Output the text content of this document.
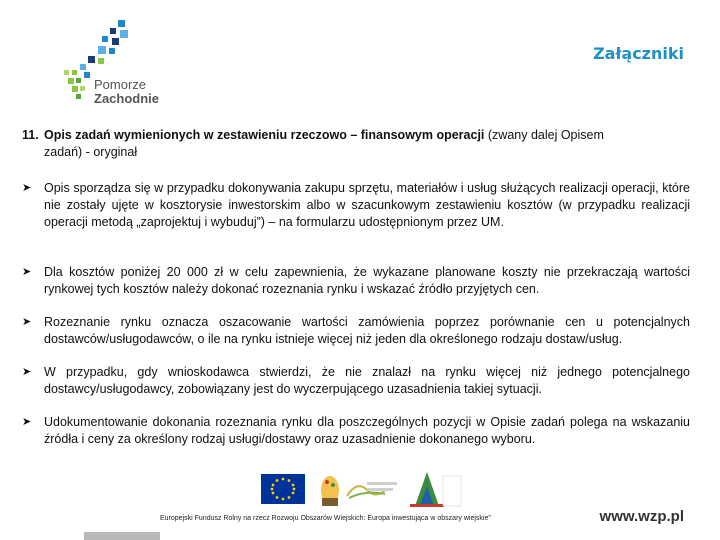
Pomorze
Zachodnie
Załączniki
11. Opis zadań wymienionych w zestawieniu rzeczowo – finansowym operacji (zwany dalej Opisem
zadań) - oryginał
➤	Opis sporządza się w przypadku dokonywania zakupu sprzętu, materiałów i usług służących realizacji operacji, które nie zostały ujęte w kosztorysie inwestorskim albo w szacunkowym zestawieniu kosztów (w przypadku realizacji operacji metodą „zaprojektuj i wybuduj”) – na formularzu udostępnionym przez UM.
➤	Dla kosztów poniżej 20 000 zł w celu zapewnienia, że wykazane planowane koszty nie przekraczają wartości rynkowej tych kosztów należy dokonać rozeznania rynku i wskazać źródło przyjętych cen.
➤	Rozeznanie rynku oznacza oszacowanie wartości zamówienia poprzez porównanie cen u potencjalnych dostawców/usługodawców, o ile na rynku istnieje więcej niż jeden dla określonego rodzaju dostaw/usług.
➤	W przypadku, gdy wnioskodawca stwierdzi, że nie znalazł na rynku więcej niż jednego potencjalnego dostawcy/usługodawcy, zobowiązany jest do wyczerpującego uzasadnienia takiej sytuacji.
➤	Udokumentowanie dokonania rozeznania rynku dla poszczególnych pozycji w Opisie zadań polega na wskazaniu źródła i ceny za określony rodzaj usługi/dostawy oraz uzasadnienie dokonanego wyboru.
Europejski Fundusz Rolny na rzecz Rozwoju Obszarów Wiejskich: Europa inwestująca w obszary wiejskie”	www.wzp.pl
